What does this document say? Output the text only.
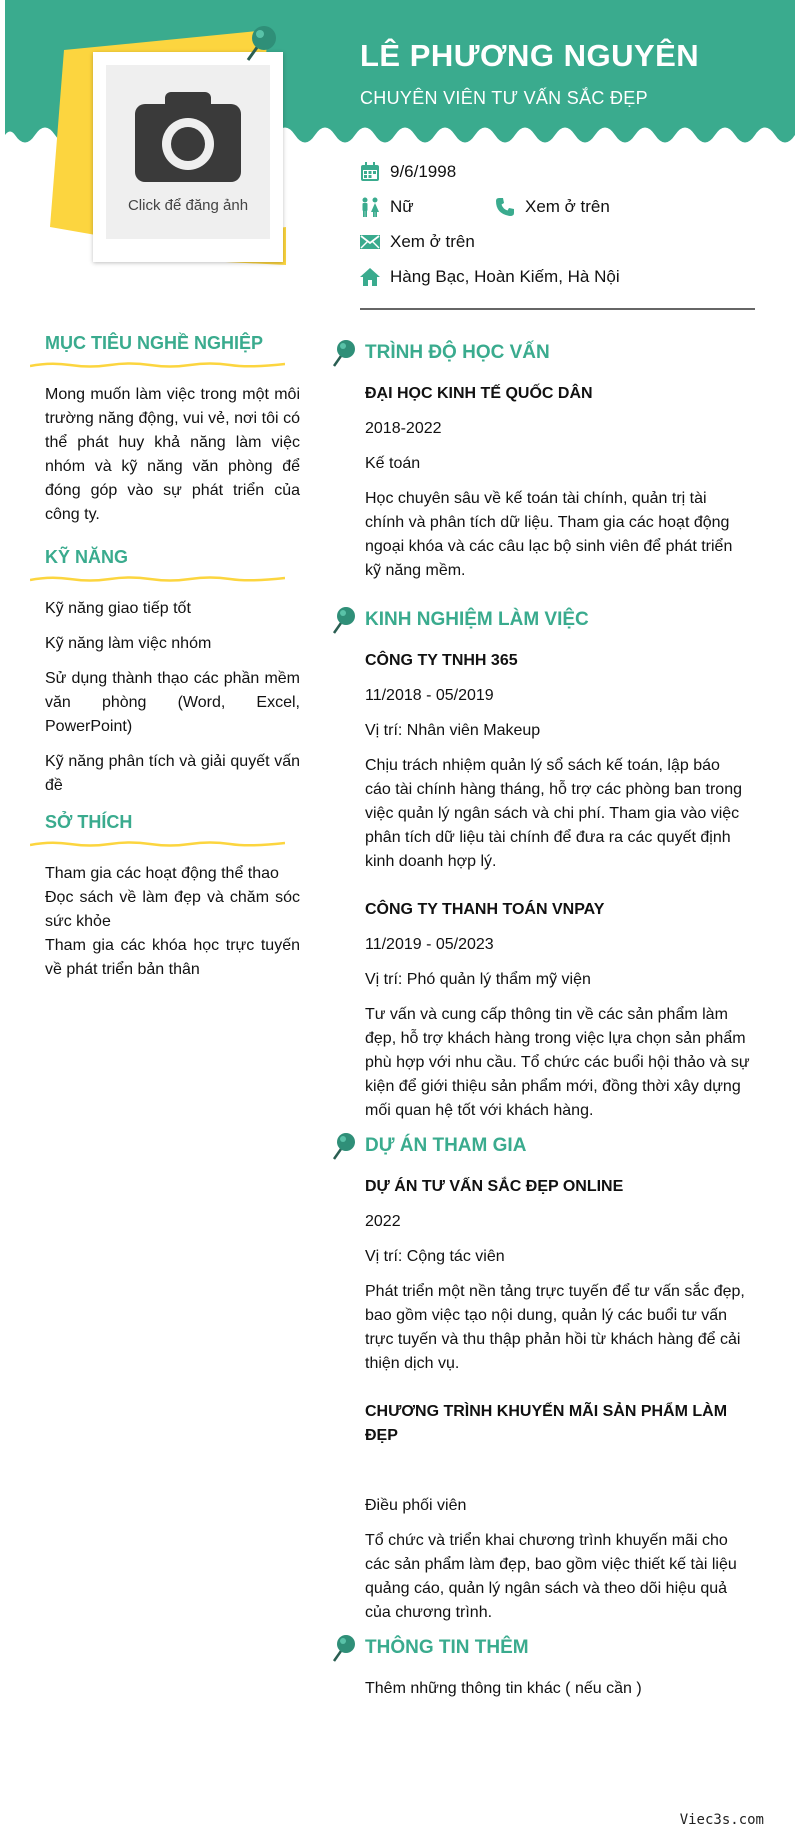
LÊ PHƯƠNG NGUYÊN
CHUYÊN VIÊN TƯ VẤN SẮC ĐẸP
Click để đăng ảnh
9/6/1998
Nữ	Xem ở trên
Xem ở trên
Hàng Bạc, Hoàn Kiếm, Hà Nội
MỤC TIÊU NGHỀ NGHIỆP
Mong muốn làm việc trong một môi trường năng động, vui vẻ, nơi tôi có thể phát huy khả năng làm việc nhóm và kỹ năng văn phòng để đóng góp vào sự phát triển của công ty.
KỸ NĂNG
Kỹ năng giao tiếp tốt
Kỹ năng làm việc nhóm
Sử dụng thành thạo các phần mềm văn phòng (Word, Excel, PowerPoint)
Kỹ năng phân tích và giải quyết vấn đề
SỞ THÍCH
Tham gia các hoạt động thể thao
Đọc sách về làm đẹp và chăm sóc sức khỏe
Tham gia các khóa học trực tuyến về phát triển bản thân
TRÌNH ĐỘ HỌC VẤN
ĐẠI HỌC KINH TẾ QUỐC DÂN
2018-2022
Kế toán
Học chuyên sâu về kế toán tài chính, quản trị tài chính và phân tích dữ liệu. Tham gia các hoạt động ngoại khóa và các câu lạc bộ sinh viên để phát triển kỹ năng mềm.
KINH NGHIỆM LÀM VIỆC
CÔNG TY TNHH 365
11/2018 - 05/2019
Vị trí: Nhân viên Makeup
Chịu trách nhiệm quản lý sổ sách kế toán, lập báo cáo tài chính hàng tháng, hỗ trợ các phòng ban trong việc quản lý ngân sách và chi phí. Tham gia vào việc phân tích dữ liệu tài chính để đưa ra các quyết định kinh doanh hợp lý.
CÔNG TY THANH TOÁN VNPAY
11/2019 - 05/2023
Vị trí: Phó quản lý thẩm mỹ viện
Tư vấn và cung cấp thông tin về các sản phẩm làm đẹp, hỗ trợ khách hàng trong việc lựa chọn sản phẩm phù hợp với nhu cầu. Tổ chức các buổi hội thảo và sự kiện để giới thiệu sản phẩm mới, đồng thời xây dựng mối quan hệ tốt với khách hàng.
DỰ ÁN THAM GIA
DỰ ÁN TƯ VẤN SẮC ĐẸP ONLINE
2022
Vị trí: Cộng tác viên
Phát triển một nền tảng trực tuyến để tư vấn sắc đẹp, bao gồm việc tạo nội dung, quản lý các buổi tư vấn trực tuyến và thu thập phản hồi từ khách hàng để cải thiện dịch vụ.
CHƯƠNG TRÌNH KHUYẾN MÃI SẢN PHẨM LÀM ĐẸP
Điều phối viên
Tổ chức và triển khai chương trình khuyến mãi cho các sản phẩm làm đẹp, bao gồm việc thiết kế tài liệu quảng cáo, quản lý ngân sách và theo dõi hiệu quả của chương trình.
THÔNG TIN THÊM
Thêm những thông tin khác ( nếu cần )
Viec3s.com
